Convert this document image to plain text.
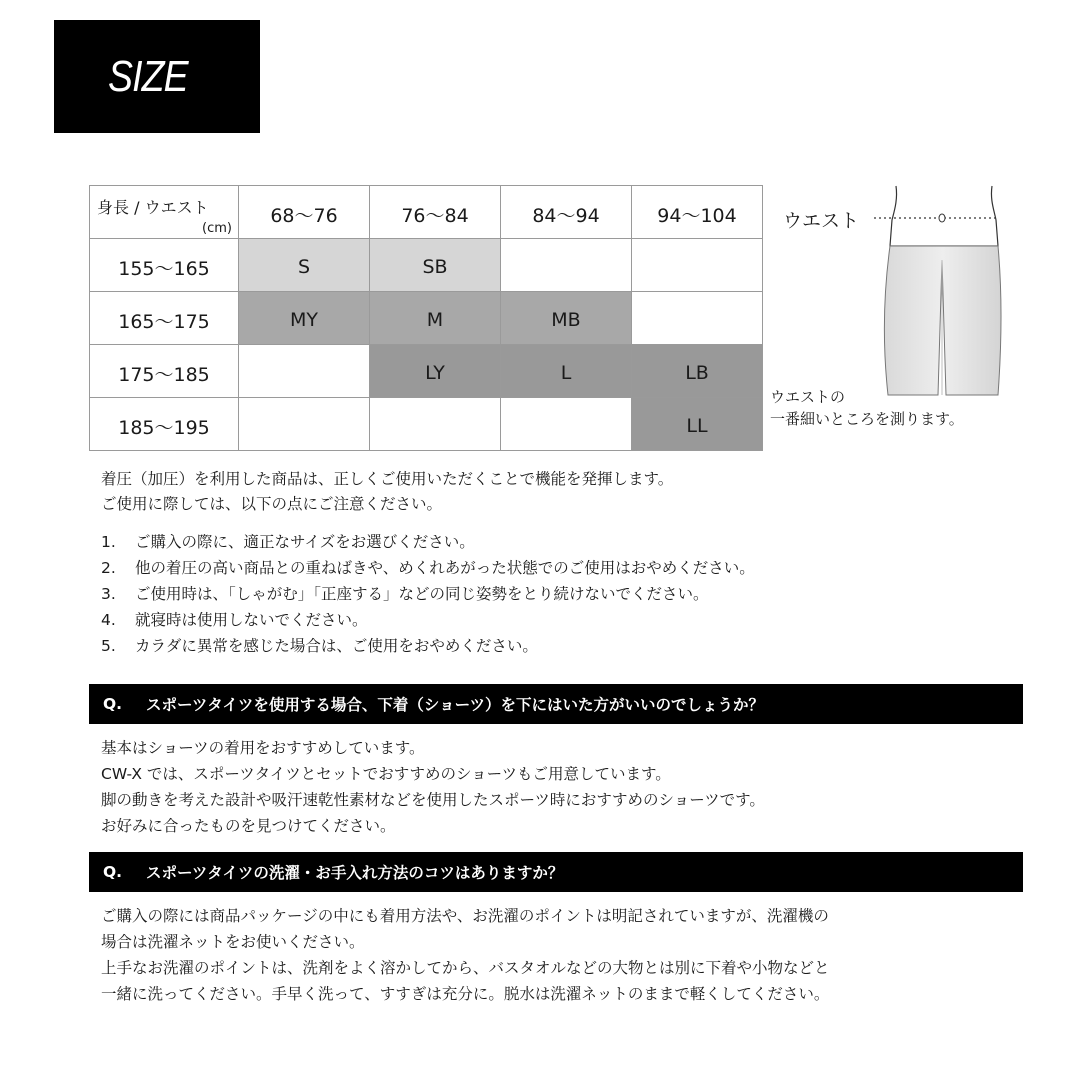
SIZE
身長 / ウエスト
(cm)	68〜76	76〜84	84〜94	94〜104
155〜165	S	SB		
165〜175	MY	M	MB	
175〜185		LY	L	LB
185〜195				LL
ウエスト
ウエストの
一番細いところを測ります。
着圧（加圧）を利用した商品は、正しくご使用いただくことで機能を発揮します。
ご使用に際しては、以下の点にご注意ください。
1. ご購入の際に、適正なサイズをお選びください。
2. 他の着圧の高い商品との重ねばきや、めくれあがった状態でのご使用はおやめください。
3. ご使用時は、「しゃがむ」「正座する」などの同じ姿勢をとり続けないでください。
4. 就寝時は使用しないでください。
5. カラダに異常を感じた場合は、ご使用をおやめください。
Q.	スポーツタイツを使用する場合、下着（ショーツ）を下にはいた方がいいのでしょうか？
基本はショーツの着用をおすすめしています。
CW-X では、スポーツタイツとセットでおすすめのショーツもご用意しています。
脚の動きを考えた設計や吸汗速乾性素材などを使用したスポーツ時におすすめのショーツです。
お好みに合ったものを見つけてください。
Q.	スポーツタイツの洗濯・お手入れ方法のコツはありますか？
ご購入の際には商品パッケージの中にも着用方法や、お洗濯のポイントは明記されていますが、洗濯機の
場合は洗濯ネットをお使いください。
上手なお洗濯のポイントは、洗剤をよく溶かしてから、バスタオルなどの大物とは別に下着や小物などと
一緒に洗ってください。手早く洗って、すすぎは充分に。脱水は洗濯ネットのままで軽くしてください。
